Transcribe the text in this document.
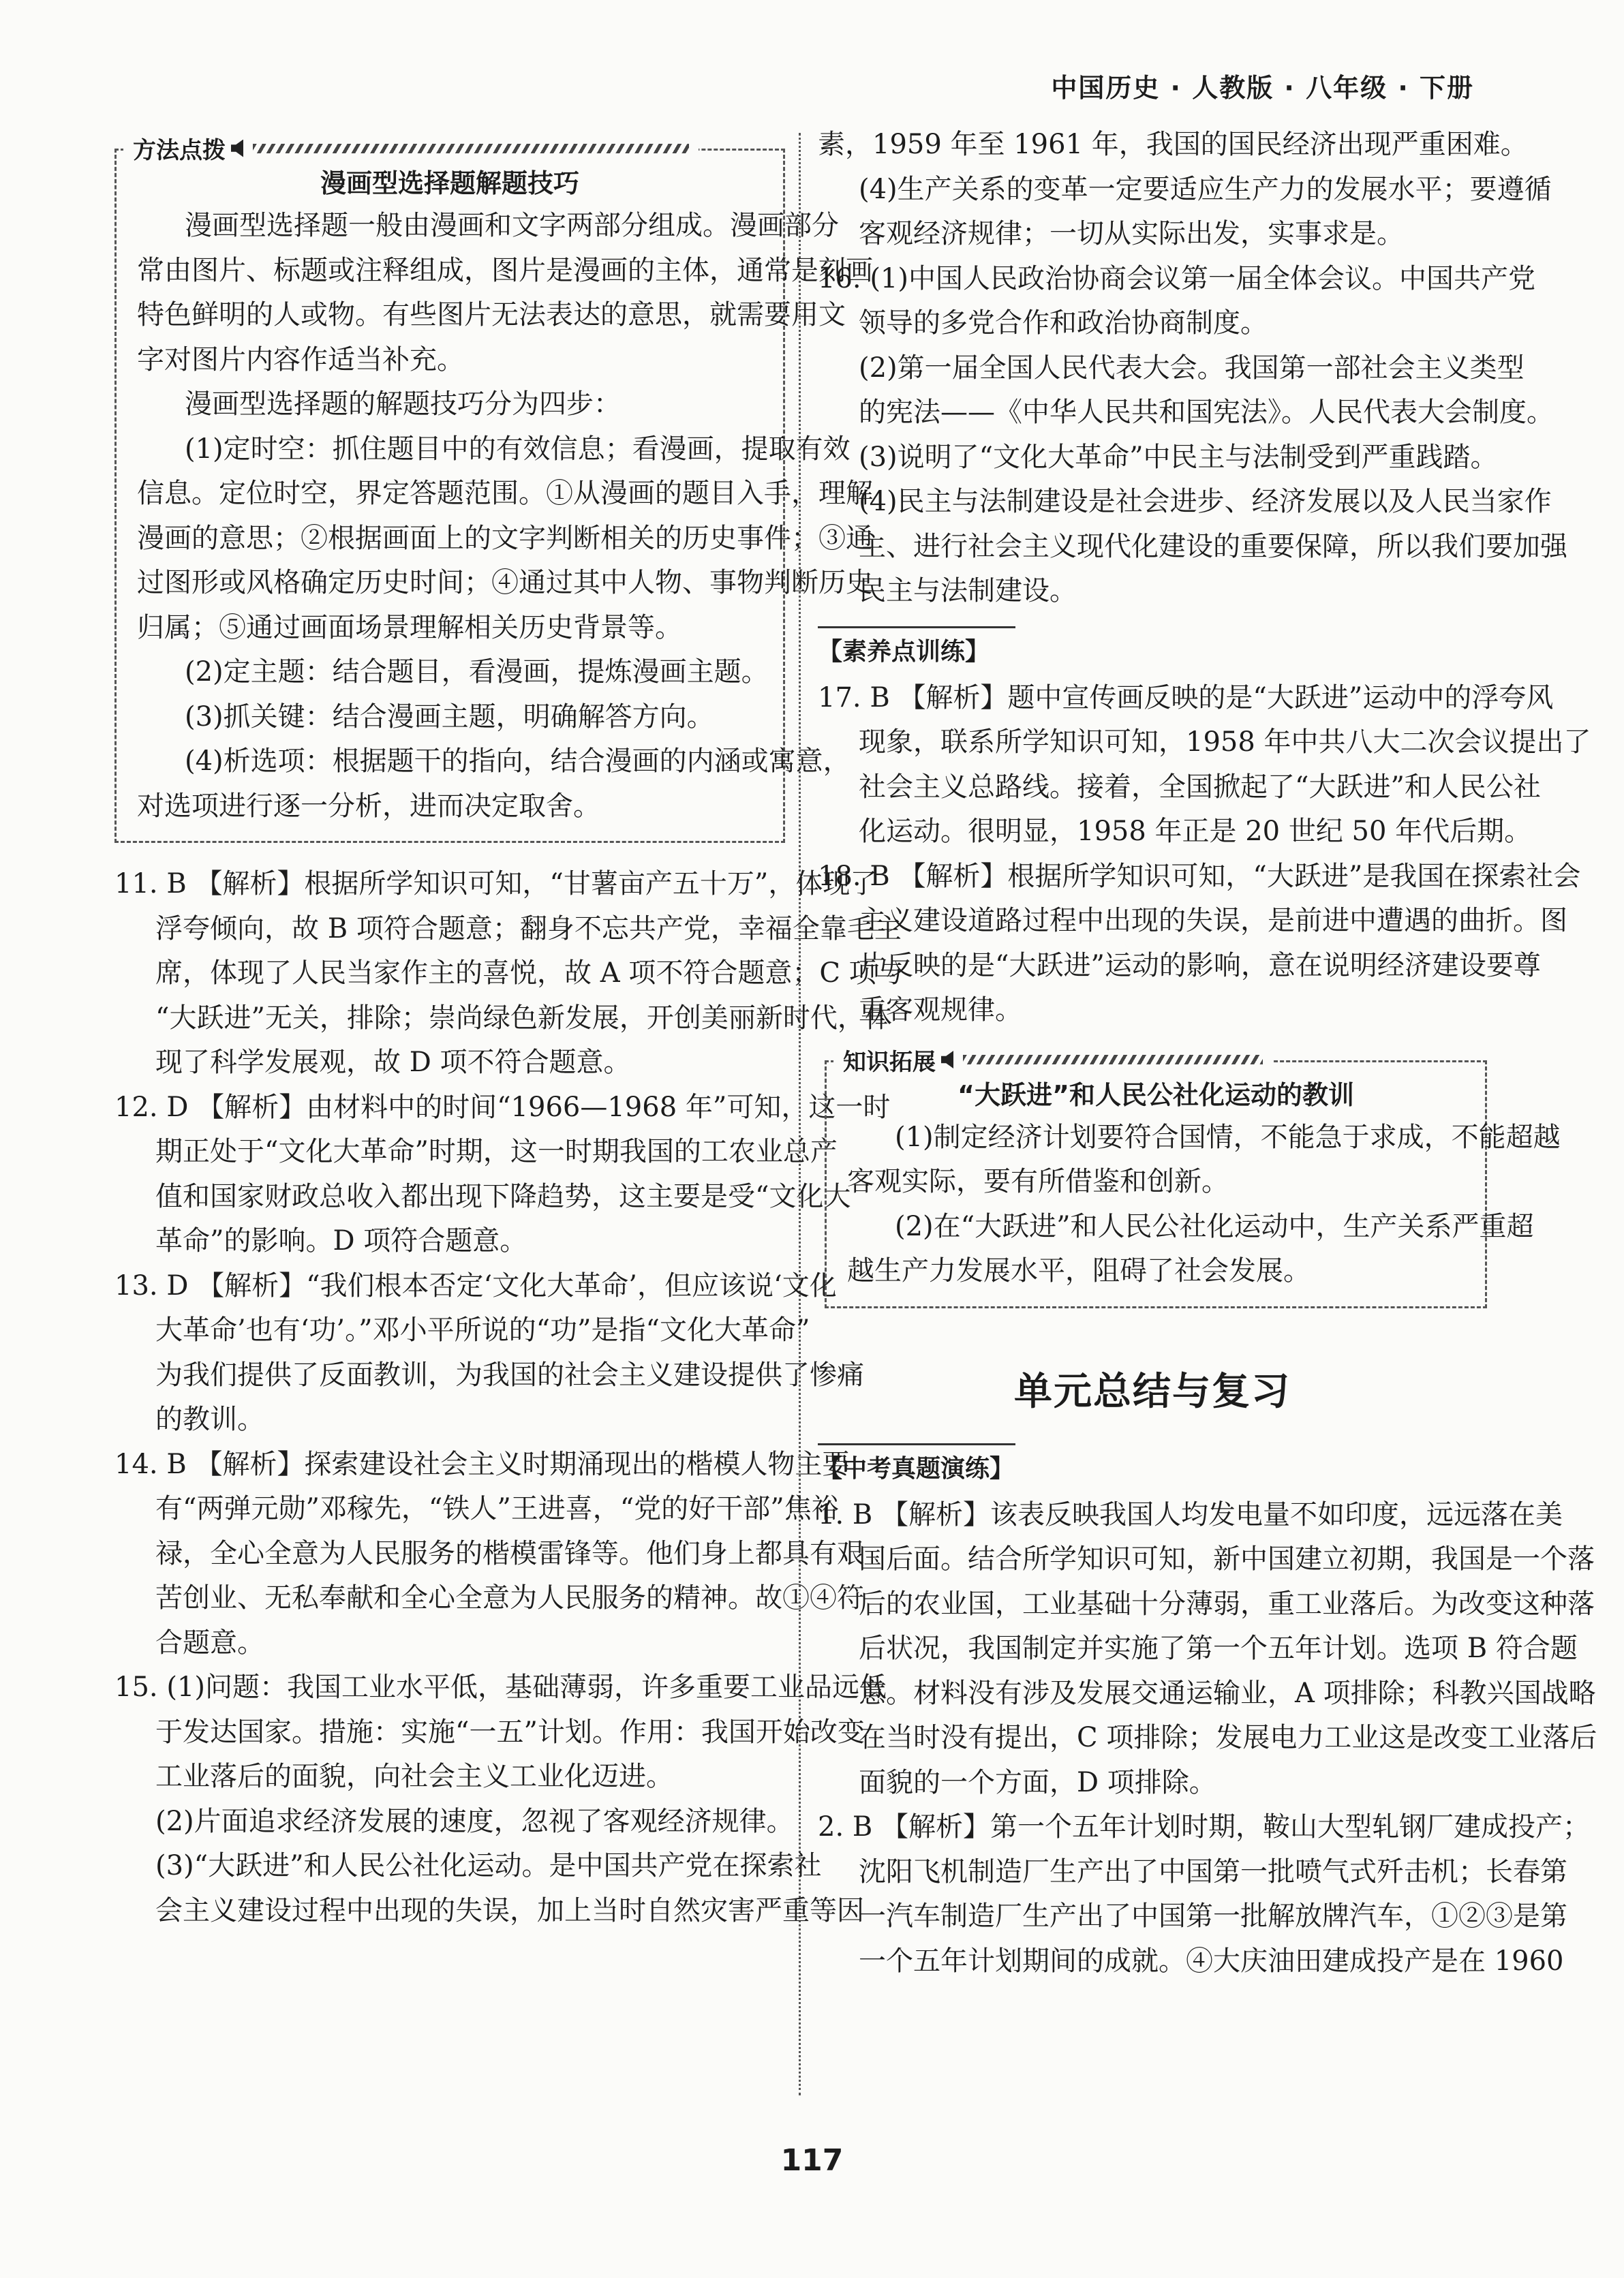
中国历史 · 人教版 · 八年级 · 下册
方法点拨
漫画型选择题解题技巧

漫画型选择题一般由漫画和文字两部分组成。漫画部分

常由图片、标题或注释组成，图片是漫画的主体，通常是刻画

特色鲜明的人或物。有些图片无法表达的意思，就需要用文

字对图片内容作适当补充。

漫画型选择题的解题技巧分为四步：

(1)定时空：抓住题目中的有效信息；看漫画，提取有效

信息。定位时空，界定答题范围。①从漫画的题目入手，理解

漫画的意思；②根据画面上的文字判断相关的历史事件；③通

过图形或风格确定历史时间；④通过其中人物、事物判断历史

归属；⑤通过画面场景理解相关历史背景等。

(2)定主题：结合题目，看漫画，提炼漫画主题。

(3)抓关键：结合漫画主题，明确解答方向。

(4)析选项：根据题干的指向，结合漫画的内涵或寓意，

对选项进行逐一分析，进而决定取舍。

11. B 【解析】根据所学知识可知，“甘薯亩产五十万”，体现了

浮夸倾向，故 B 项符合题意；翻身不忘共产党，幸福全靠毛主

席，体现了人民当家作主的喜悦，故 A 项不符合题意；C 项与

“大跃进”无关，排除；崇尚绿色新发展，开创美丽新时代，体

现了科学发展观，故 D 项不符合题意。

12. D 【解析】由材料中的时间“1966—1968 年”可知，这一时

期正处于“文化大革命”时期，这一时期我国的工农业总产

值和国家财政总收入都出现下降趋势，这主要是受“文化大

革命”的影响。D 项符合题意。

13. D 【解析】“我们根本否定‘文化大革命’，但应该说‘文化

大革命’也有‘功’。”邓小平所说的“功”是指“文化大革命”

为我们提供了反面教训，为我国的社会主义建设提供了惨痛

的教训。

14. B 【解析】探索建设社会主义时期涌现出的楷模人物主要

有“两弹元勋”邓稼先，“铁人”王进喜，“党的好干部”焦裕

禄，全心全意为人民服务的楷模雷锋等。他们身上都具有艰

苦创业、无私奉献和全心全意为人民服务的精神。故①④符

合题意。

15. (1)问题：我国工业水平低，基础薄弱，许多重要工业品远低

于发达国家。措施：实施“一五”计划。作用：我国开始改变

工业落后的面貌，向社会主义工业化迈进。

(2)片面追求经济发展的速度，忽视了客观经济规律。

(3)“大跃进”和人民公社化运动。是中国共产党在探索社

会主义建设过程中出现的失误，加上当时自然灾害严重等因

素，1959 年至 1961 年，我国的国民经济出现严重困难。

(4)生产关系的变革一定要适应生产力的发展水平；要遵循

客观经济规律；一切从实际出发，实事求是。

16. (1)中国人民政治协商会议第一届全体会议。中国共产党

领导的多党合作和政治协商制度。

(2)第一届全国人民代表大会。我国第一部社会主义类型

的宪法——《中华人民共和国宪法》。人民代表大会制度。

(3)说明了“文化大革命”中民主与法制受到严重践踏。

(4)民主与法制建设是社会进步、经济发展以及人民当家作

主、进行社会主义现代化建设的重要保障，所以我们要加强

民主与法制建设。

【素养点训练】

17. B 【解析】题中宣传画反映的是“大跃进”运动中的浮夸风

现象，联系所学知识可知，1958 年中共八大二次会议提出了

社会主义总路线。接着，全国掀起了“大跃进”和人民公社

化运动。很明显，1958 年正是 20 世纪 50 年代后期。

18. B 【解析】根据所学知识可知，“大跃进”是我国在探索社会

主义建设道路过程中出现的失误，是前进中遭遇的曲折。图

片反映的是“大跃进”运动的影响，意在说明经济建设要尊

重客观规律。

知识拓展
“大跃进”和人民公社化运动的教训

(1)制定经济计划要符合国情，不能急于求成，不能超越

客观实际，要有所借鉴和创新。

(2)在“大跃进”和人民公社化运动中，生产关系严重超

越生产力发展水平，阻碍了社会发展。

单元总结与复习
【中考真题演练】

1. B 【解析】该表反映我国人均发电量不如印度，远远落在美

国后面。结合所学知识可知，新中国建立初期，我国是一个落

后的农业国，工业基础十分薄弱，重工业落后。为改变这种落

后状况，我国制定并实施了第一个五年计划。选项 B 符合题

意。材料没有涉及发展交通运输业，A 项排除；科教兴国战略

在当时没有提出，C 项排除；发展电力工业这是改变工业落后

面貌的一个方面，D 项排除。

2. B 【解析】第一个五年计划时期，鞍山大型轧钢厂建成投产；

沈阳飞机制造厂生产出了中国第一批喷气式歼击机；长春第

一汽车制造厂生产出了中国第一批解放牌汽车，①②③是第

一个五年计划期间的成就。④大庆油田建成投产是在 1960

117
